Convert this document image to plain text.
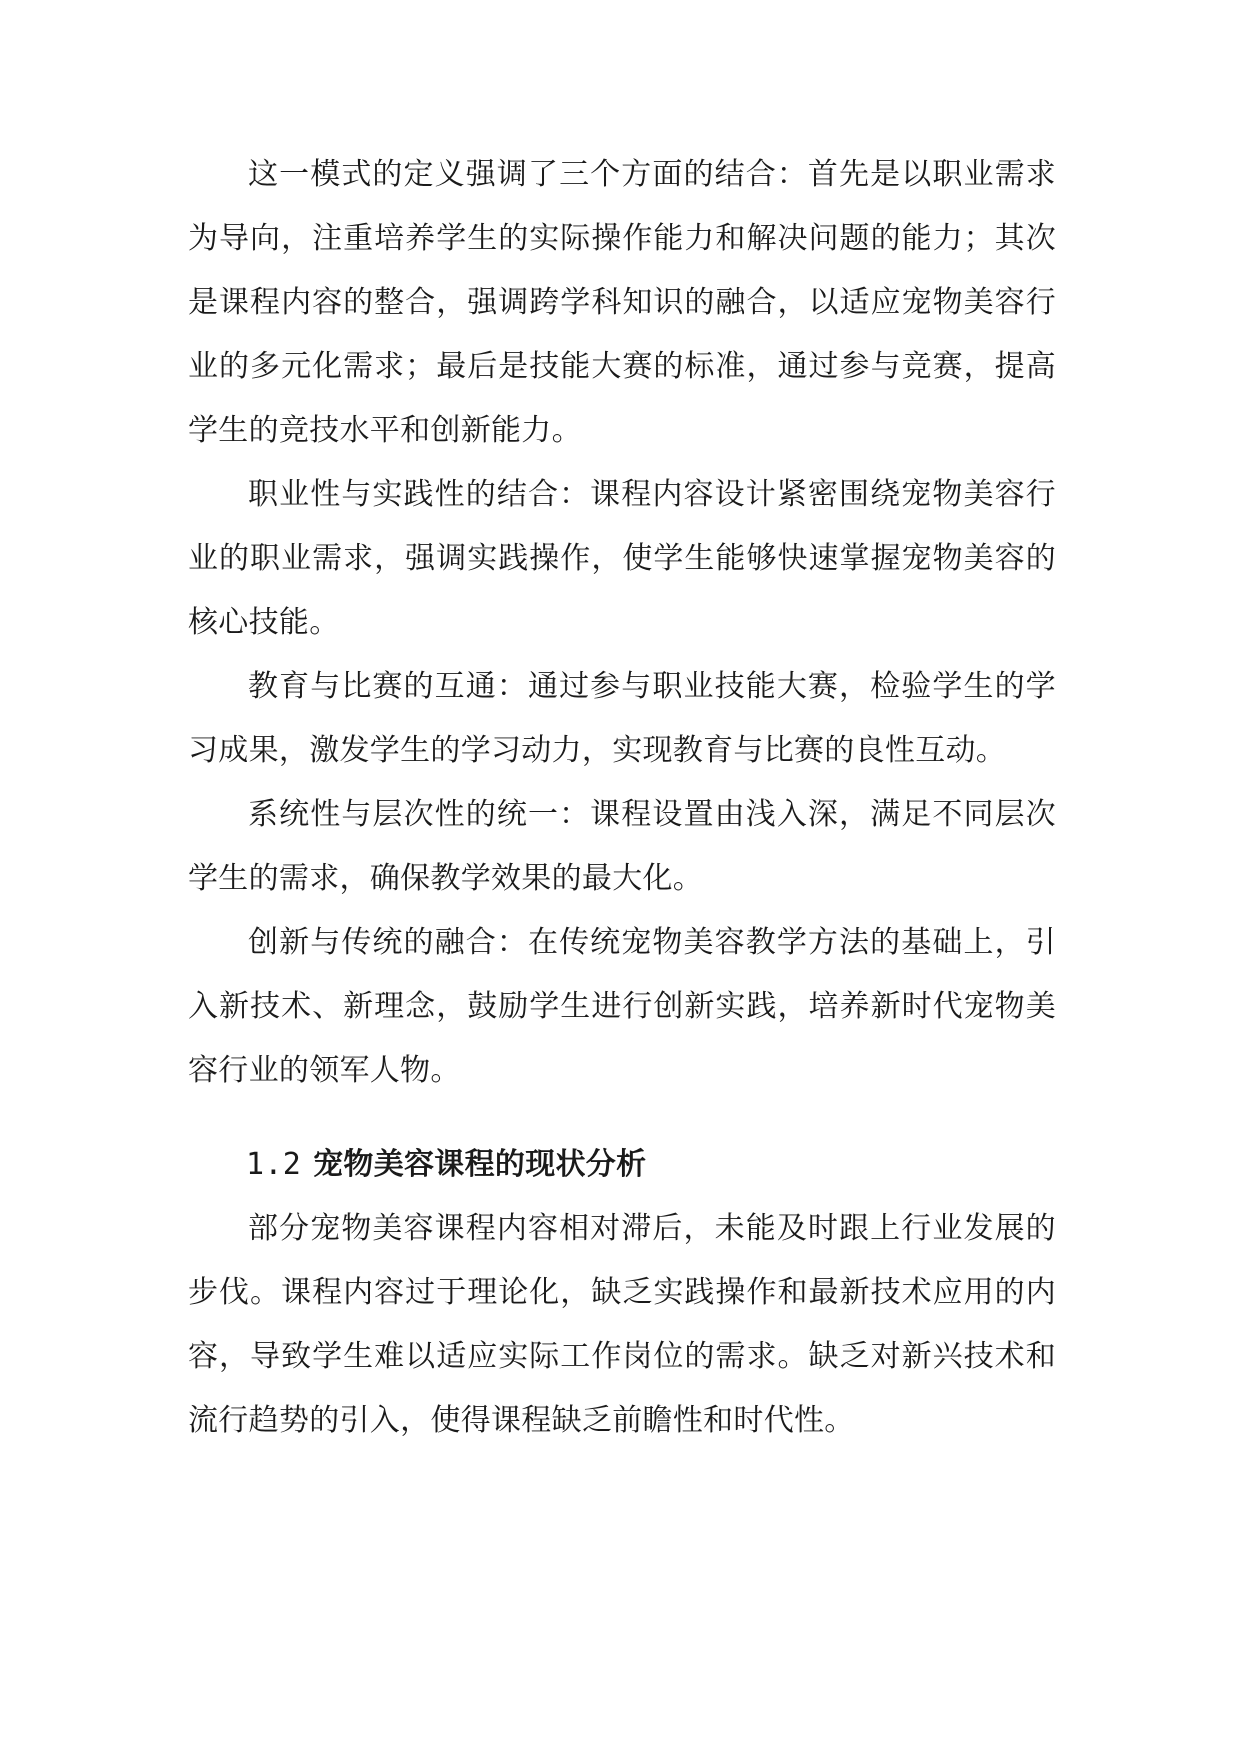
这一模式的定义强调了三个方面的结合：首先是以职业需求为导向，注重培养学生的实际操作能力和解决问题的能力；其次是课程内容的整合，强调跨学科知识的融合，以适应宠物美容行业的多元化需求；最后是技能大赛的标准，通过参与竞赛，提高学生的竞技水平和创新能力。

职业性与实践性的结合：课程内容设计紧密围绕宠物美容行业的职业需求，强调实践操作，使学生能够快速掌握宠物美容的核心技能。

教育与比赛的互通：通过参与职业技能大赛，检验学生的学习成果，激发学生的学习动力，实现教育与比赛的良性互动。

系统性与层次性的统一：课程设置由浅入深，满足不同层次学生的需求，确保教学效果的最大化。

创新与传统的融合：在传统宠物美容教学方法的基础上，引入新技术、新理念，鼓励学生进行创新实践，培养新时代宠物美容行业的领军人物。

1.2 宠物美容课程的现状分析

部分宠物美容课程内容相对滞后，未能及时跟上行业发展的步伐。课程内容过于理论化，缺乏实践操作和最新技术应用的内容，导致学生难以适应实际工作岗位的需求。缺乏对新兴技术和流行趋势的引入，使得课程缺乏前瞻性和时代性。
